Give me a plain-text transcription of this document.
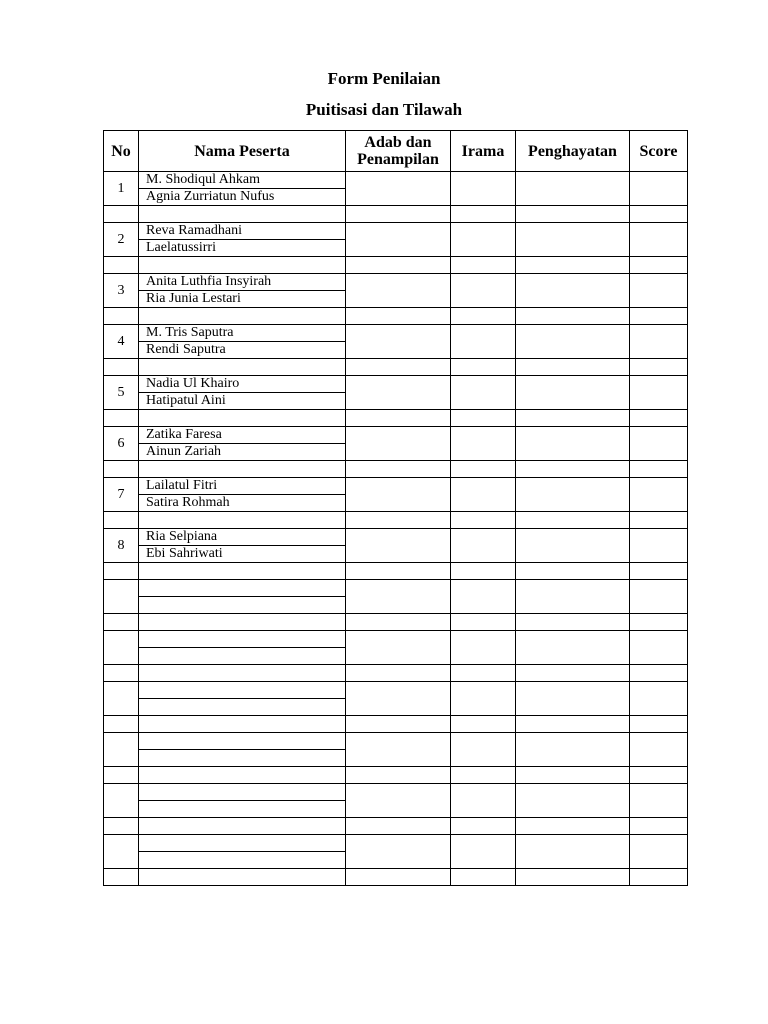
Form Penilaian
Puitisasi dan Tilawah
No	Nama Peserta	Adab dan Penampilan	Irama	Penghayatan	Score
1	M. Shodiqul Ahkam				
	Agnia Zurriatun Nufus				

2	Reva Ramadhani				
	Laelatussirri				

3	Anita Luthfia Insyirah				
	Ria Junia Lestari				

4	M. Tris Saputra				
	Rendi Saputra				

5	Nadia Ul Khairo				
	Hatipatul Aini				

6	Zatika Faresa				
	Ainun Zariah				

7	Lailatul Fitri				
	Satira Rohmah				

8	Ria Selpiana				
	Ebi Sahriwati				
